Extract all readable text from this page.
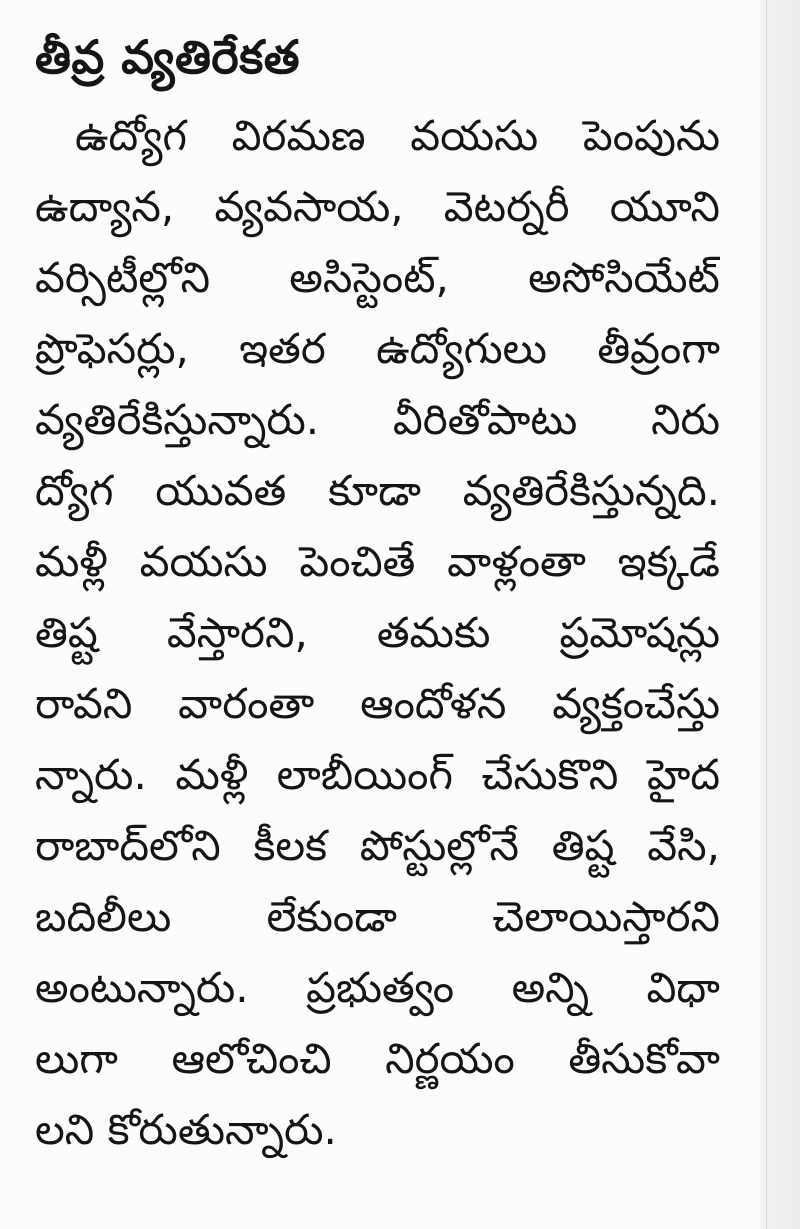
తీవ్ర వ్యతిరేకత
ఉద్యోగ విరమణ వయసు పెంపును
ఉద్యాన, వ్యవసాయ, వెటర్నరీ యూని
వర్సిటీల్లోని అసిస్టెంట్, అసోసియేట్
ప్రొఫెసర్లు, ఇతర ఉద్యోగులు తీవ్రంగా
వ్యతిరేకిస్తున్నారు. వీరితోపాటు నిరు
ద్యోగ యువత కూడా వ్యతిరేకిస్తున్నది.
మళ్లీ వయసు పెంచితే వాళ్లంతా ఇక్కడే
తిష్ట వేస్తారని, తమకు ప్రమోషన్లు
రావని వారంతా ఆందోళన వ్యక్తంచేస్తు
న్నారు. మళ్లీ లాబీయింగ్ చేసుకొని హైద
రాబాద్‌లోని కీలక పోస్టుల్లోనే తిష్ట వేసి,
బదిలీలు లేకుండా చెలాయిస్తారని
అంటున్నారు. ప్రభుత్వం అన్ని విధా
లుగా ఆలోచించి నిర్ణయం తీసుకోవా
లని కోరుతున్నారు.
